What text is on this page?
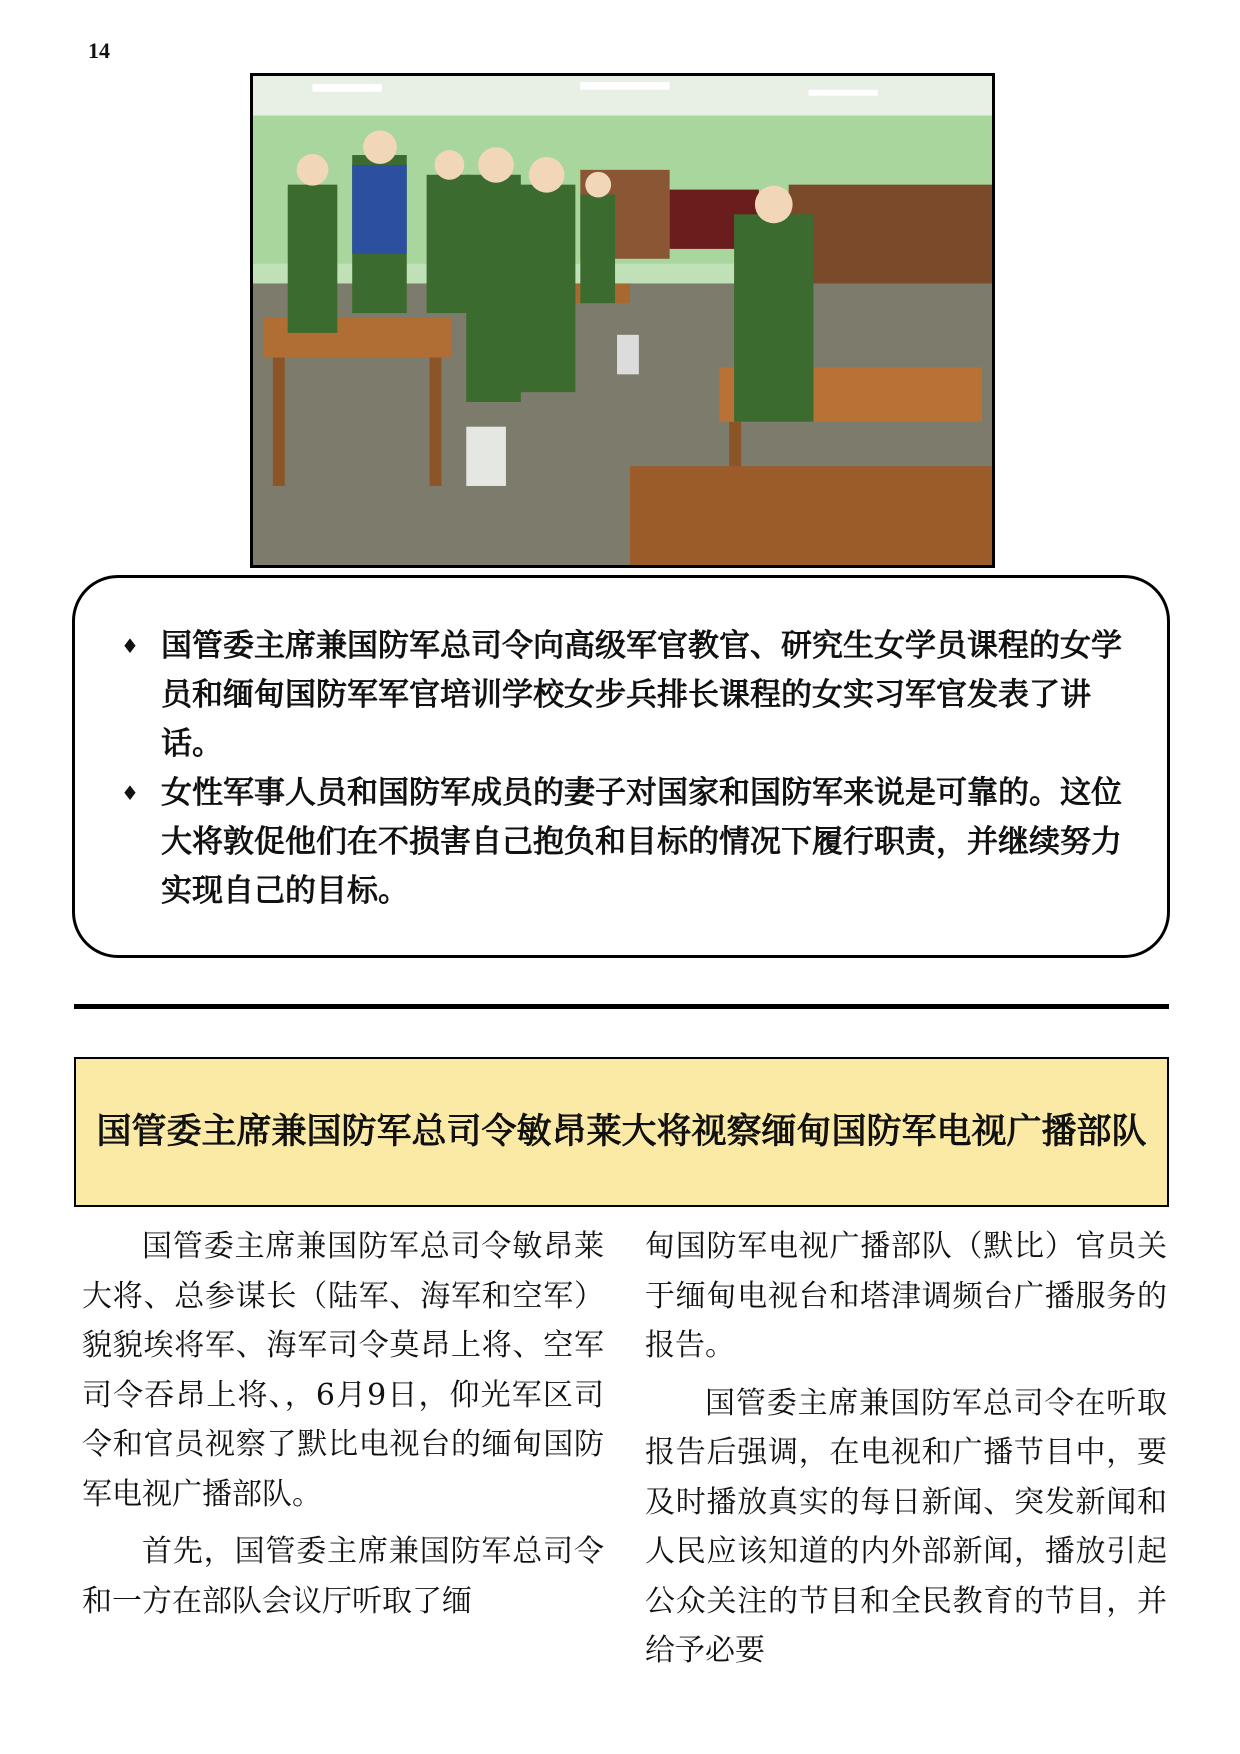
14
♦ 国管委主席兼国防军总司令向高级军官教官、研究生女学员课程的女学员和缅甸国防军军官培训学校女步兵排长课程的女实习军官发表了讲话。
♦ 女性军事人员和国防军成员的妻子对国家和国防军来说是可靠的。这位大将敦促他们在不损害自己抱负和目标的情况下履行职责，并继续努力实现自己的目标。
国管委主席兼国防军总司令敏昂莱大将视察缅甸国防军电视广播部队

国管委主席兼国防军总司令敏昂莱大将、总参谋长（陆军、海军和空军）貌貌埃将军、海军司令莫昂上将、空军司令吞昂上将、，6月9日，仰光军区司令和官员视察了默比电视台的缅甸国防军电视广播部队。

首先，国管委主席兼国防军总司令和一方在部队会议厅听取了缅

甸国防军电视广播部队（默比）官员关于缅甸电视台和塔津调频台广播服务的报告。

国管委主席兼国防军总司令在听取报告后强调，在电视和广播节目中，要及时播放真实的每日新闻、突发新闻和人民应该知道的内外部新闻，播放引起公众关注的节目和全民教育的节目，并给予必要
